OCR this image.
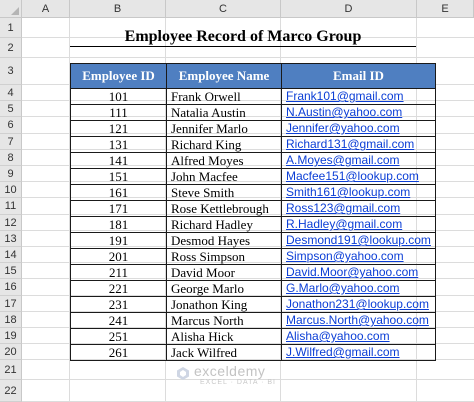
A	B	C	D	E
1
2
3
4
5
6
7
8
9
10
11
12
13
14
15
16
17
18
19
20
21
22
Employee Record of Marco Group
Employee ID	Employee Name	Email ID
101	Frank Orwell	Frank101@gmail.com
111	Natalia Austin	N.Austin@yahoo.com
121	Jennifer Marlo	Jennifer@yahoo.com
131	Richard King	Richard131@gmail.com
141	Alfred Moyes	A.Moyes@gmail.com
151	John Macfee	Macfee151@lookup.com
161	Steve Smith	Smith161@lookup.com
171	Rose Kettlebrough	Ross123@gmail.com
181	Richard Hadley	R.Hadley@gmail.com
191	Desmod Hayes	Desmond191@lookup.com
201	Ross Simpson	Simpson@yahoo.com
211	David Moor	David.Moor@yahoo.com
221	George Marlo	G.Marlo@yahoo.com
231	Jonathon King	Jonathon231@lookup.com
241	Marcus North	Marcus.North@yahoo.com
251	Alisha Hick	Alisha@yahoo.com
261	Jack Wilfred	J.Wilfred@gmail.com
exceldemy
EXCEL · DATA · BI
